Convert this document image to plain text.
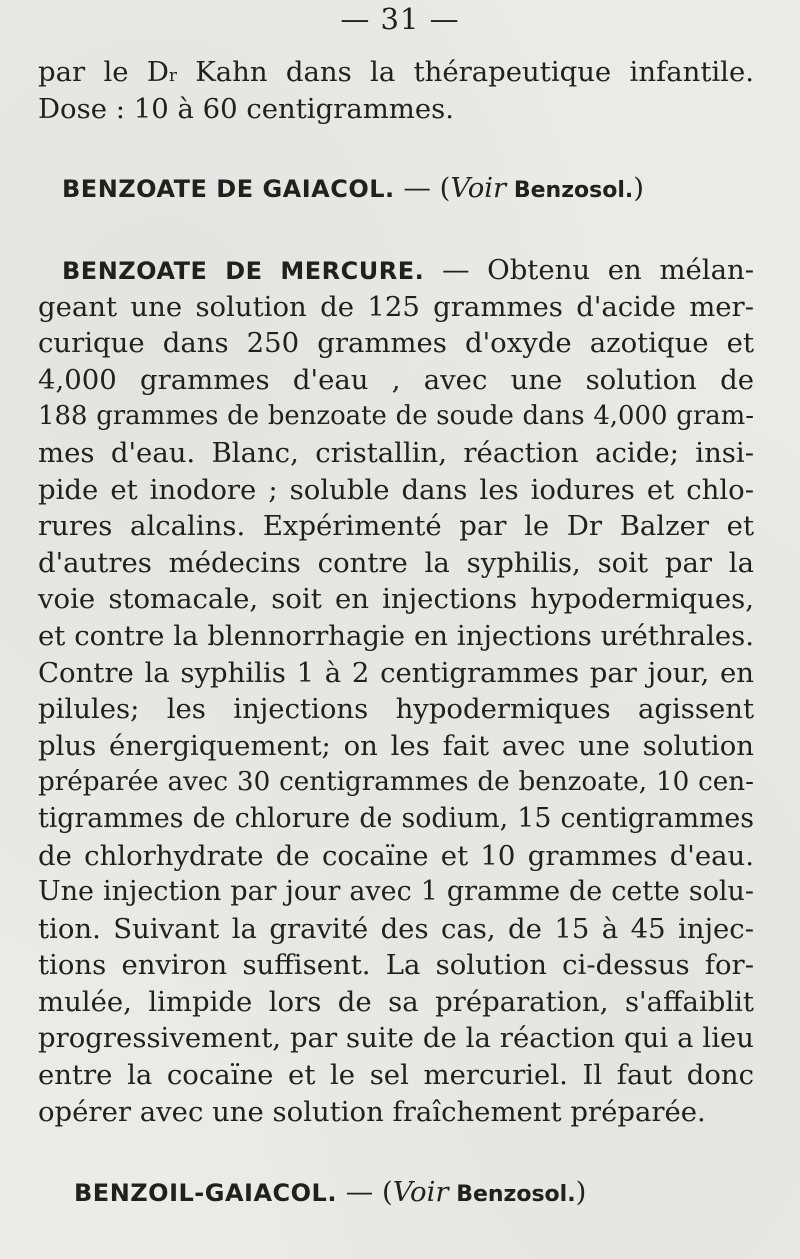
— 31 —
par le $D^r$ Kahn dans la thérapeutique infantile.
Dose : 10 à 60 centigrammes.
BENZOATE DE GAIACOL. — (Voir Benzosol.)
BENZOATE DE MERCURE. — Obtenu en mélan-
geant une solution de 125 grammes d'acide mer-
curique dans 250 grammes d'oxyde azotique et
4,000 grammes d'eau , avec une solution de
188 grammes de benzoate de soude dans 4,000 gram-
mes d'eau. Blanc, cristallin, réaction acide; insi-
pide et inodore ; soluble dans les iodures et chlo-
rures alcalins. Expérimenté par le Dr Balzer et
d'autres médecins contre la syphilis, soit par la
voie stomacale, soit en injections hypodermiques,
et contre la blennorrhagie en injections uréthrales.
Contre la syphilis 1 à 2 centigrammes par jour, en
pilules; les injections hypodermiques agissent
plus énergiquement; on les fait avec une solution
préparée avec 30 centigrammes de benzoate, 10 cen-
tigrammes de chlorure de sodium, 15 centigrammes
de chlorhydrate de cocaïne et 10 grammes d'eau.
Une injection par jour avec 1 gramme de cette solu-
tion. Suivant la gravité des cas, de 15 à 45 injec-
tions environ suffisent. La solution ci-dessus for-
mulée, limpide lors de sa préparation, s'affaiblit
progressivement, par suite de la réaction qui a lieu
entre la cocaïne et le sel mercuriel. Il faut donc
opérer avec une solution fraîchement préparée.
BENZOIL-GAIACOL. — (Voir Benzosol.)
